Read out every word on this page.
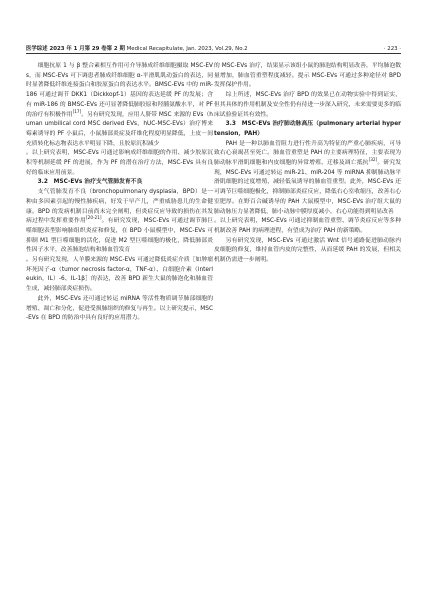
医学综述 2023 年 1 月第 29 卷第 2 期 Medical Recapitulate, Jan. 2023, Vol.29, No.2	· 223 ·

细胞抗原 1 与 β 整合素相互作用可介导肺成纤维细胞摄取 MSC-EVs，而 MSC-EVs 可下调患者肺成纤维细胞 α-平滑肌肌动蛋白的表达，同时显著降低纤维连接蛋白和胶原蛋白的表达水平。BMSC-EVs 中的 miR-186 可通过调节 DKK1（Dickkopf-1）基因的表达延缓 PF 的发展；含有 miR-186 的 BMSC-EVs 还可显著降低肺胶原和羟脯氨酸水平，对 PF 的治疗有积极作用[17]。另有研究发现，应用人脐带 MSC 来源的 EVs（human umbilical cord MSC derived EVs，hUC-MSC-EVs）治疗博来霉素诱导的 PF 小鼠后，小鼠肺部炎症及纤维化程度明显降低，上皮－间充质转化标志物表达水平明显下降，且胶原沉积减少

。以上研究表明，MSC-EVs 可通过影响成纤维细胞的作用、减少胶原沉积等机制延缓 PF 的进展，作为 PF 的潜在治疗方法，MSC-EVs 具有良好的临床应用前景。

3.2　MSC-EVs 治疗支气管肺发育不良

支气管肺发育不良（bronchopulmonary dysplasia，BPD）是一种由多因素引起的慢性肺疾病，好发于早产儿，严重威胁患儿的生命健康。BPD 的发病机制目前尚未完全阐明，但炎症反应导致的损伤在其发病过程中发挥重要作用[20-21]。有研究发现，MSC-EVs 可通过调节肺巨噬细胞表型影响肺组织炎症和修复，在 BPD 小鼠模型中，MSC-EVs 可抑制 M1 型巨噬细胞的活化，促进 M2 型巨噬细胞的极化，降低肺部炎性因子水平，改善肺泡结构和肺血管发育

。另有研究发现，人羊膜来源的 MSC-EVs 可通过降低炎症介质［如肿瘤坏死因子-α（tumor necrosis factor-α，TNF-α）、白细胞介素（interleukin，IL）-6、IL-1β］的表达，改善 BPD 新生大鼠的肺泡化和肺血管生成，减轻肺部炎症损伤。

此外，MSC-EVs 还可通过转运 miRNA 等活性物质调节肺部细胞的增殖、凋亡和分化，促进受损肺组织的修复与再生。以上研究提示，MSC-EVs 在 BPD 的防治中具有良好的应用潜力。

的 MSC-EVs 治疗，结果显示该组小鼠的肺泡结构明显改善，平均肺泡数量增加，肺血管重塑程度减轻。提示 MSC-EVs 可通过多种途径对 BPD 发挥保护作用。

综上所述，MSC-EVs 治疗 BPD 的效果已在动物实验中得到证实，但其具体的作用机制及安全性仍有待进一步深入研究，未来需要更多的临床试验验证其有效性。

3.3　MSC-EVs 治疗肺动脉高压（pulmonary arterial hypertension，PAH）

PAH 是一种以肺血管阻力进行性升高为特征的严重心肺疾病，可导致右心衰竭甚至死亡。肺血管重塑是 PAH 的主要病理特征，主要表现为肺动脉平滑肌细胞和内皮细胞的异常增殖、迁移及凋亡抵抗[32]。研究发现，MSC-EVs 可通过转运 miR-21、miR-204 等 miRNA 抑制肺动脉平滑肌细胞的过度增殖，减轻低氧诱导的肺血管重塑。此外，MSC-EVs 还可调节巨噬细胞极化，抑制肺部炎症反应，降低右心室收缩压，改善右心室肥厚。在野百合碱诱导的 PAH 大鼠模型中，MSC-EVs 治疗组大鼠的肺动脉压力显著降低，肺小动脉中膜厚度减小，右心功能得到明显改善

。以上研究表明，MSC-EVs 可通过抑制血管重塑、调节炎症反应等多种机制改善 PAH 的病理进程，有望成为治疗 PAH 的新策略。

另有研究发现，MSC-EVs 可通过激活 Wnt 信号通路促进肺动脉内皮细胞的修复，维持血管内皮的完整性，从而延缓 PAH 的发展，但相关机制仍需进一步阐明。
